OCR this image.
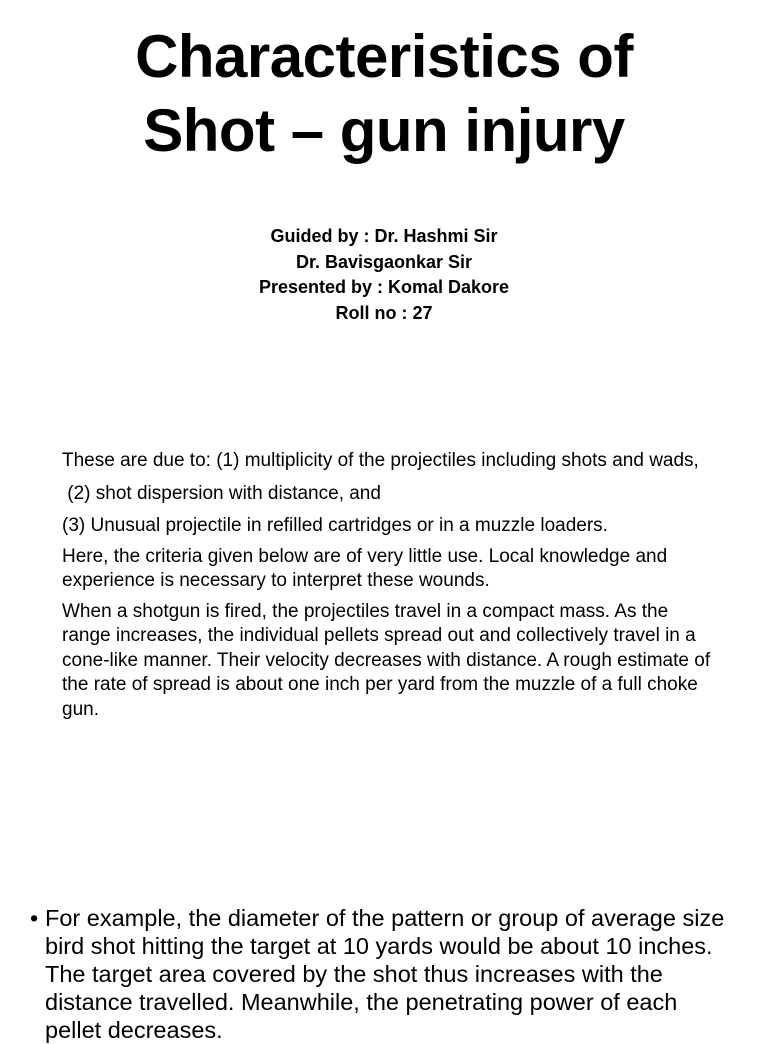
Characteristics of
Shot – gun injury
Guided by : Dr. Hashmi Sir
Dr. Bavisgaonkar Sir
Presented by : Komal Dakore
Roll no : 27

These are due to: (1) multiplicity of the projectiles including shots and wads,

(2) shot dispersion with distance, and

(3) Unusual projectile in refilled cartridges or in a muzzle loaders.

Here, the criteria given below are of very little use. Local knowledge and experience is necessary to interpret these wounds.

When a shotgun is fired, the projectiles travel in a compact mass. As the range increases, the individual pellets spread out and collectively travel in a cone-like manner. Their velocity decreases with distance. A rough estimate of the rate of spread is about one inch per yard from the muzzle of a full choke gun.

• For example, the diameter of the pattern or group of average size bird shot hitting the target at 10 yards would be about 10 inches. The target area covered by the shot thus increases with the distance travelled. Meanwhile, the penetrating power of each pellet decreases.
